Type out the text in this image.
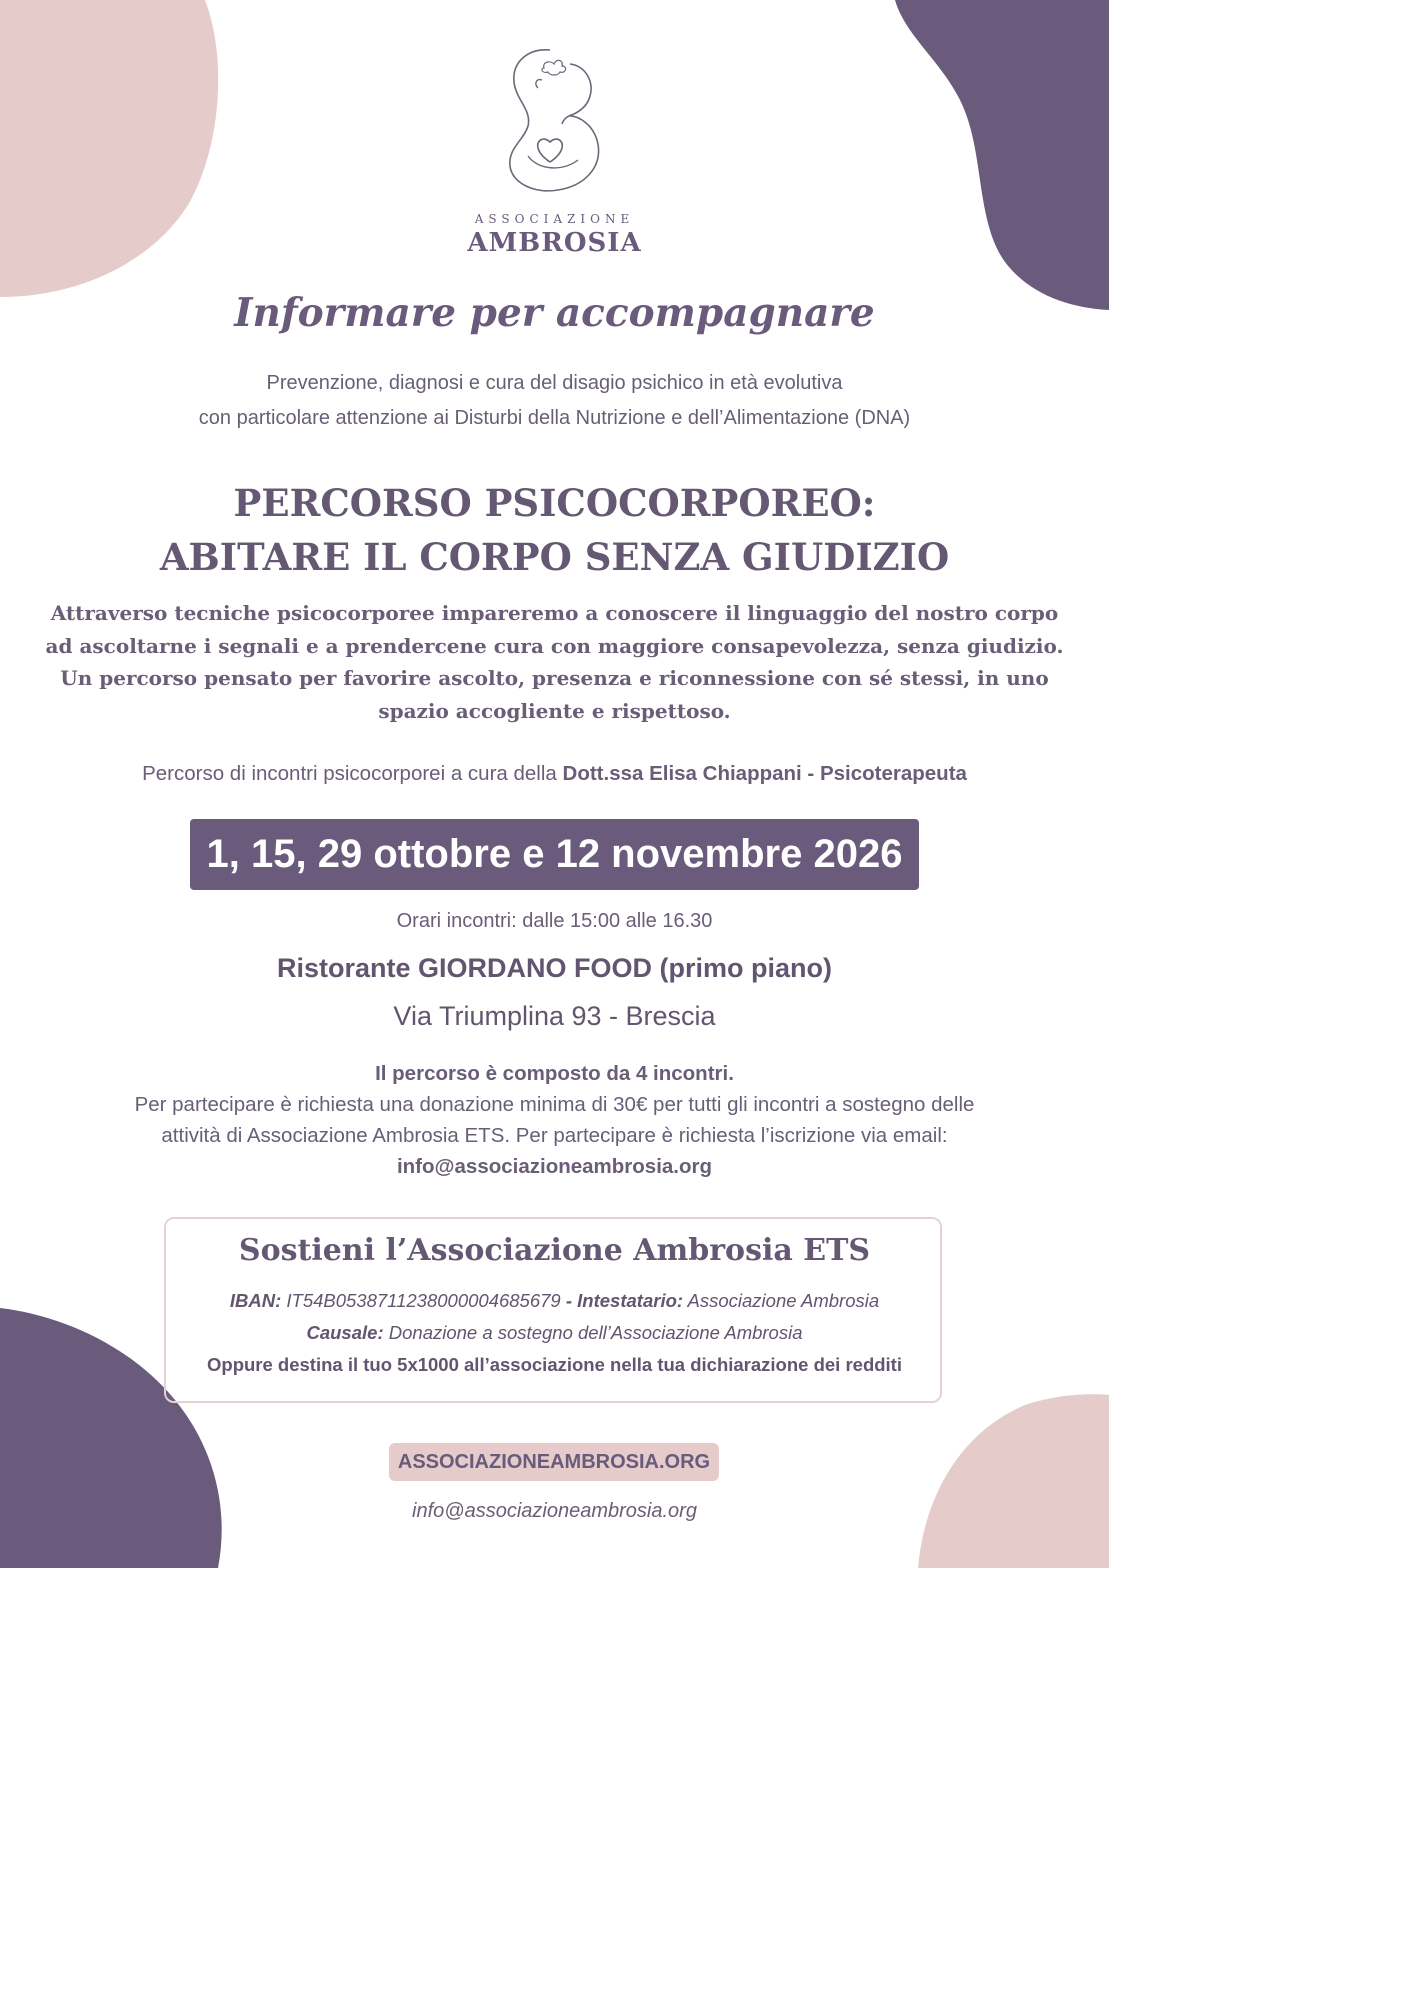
ASSOCIAZIONE
AMBROSIA
Informare per accompagnare
Prevenzione, diagnosi e cura del disagio psichico in età evolutiva
con particolare attenzione ai Disturbi della Nutrizione e dell’Alimentazione (DNA)
PERCORSO PSICOCORPOREO:
ABITARE IL CORPO SENZA GIUDIZIO
Attraverso tecniche psicocorporee impareremo a conoscere il linguaggio del nostro corpo
ad ascoltarne i segnali e a prendercene cura con maggiore consapevolezza, senza giudizio.
Un percorso pensato per favorire ascolto, presenza e riconnessione con sé stessi, in uno
spazio accogliente e rispettoso.
Percorso di incontri psicocorporei a cura della Dott.ssa Elisa Chiappani - Psicoterapeuta
1, 15, 29 ottobre e 12 novembre 2026
Orari incontri: dalle 15:00 alle 16.30
Ristorante GIORDANO FOOD (primo piano)
Via Triumplina 93 - Brescia
Il percorso è composto da 4 incontri.
Per partecipare è richiesta una donazione minima di 30€ per tutti gli incontri a sostegno delle
attività di Associazione Ambrosia ETS. Per partecipare è richiesta l’iscrizione via email:
info@associazioneambrosia.org
Sostieni l’Associazione Ambrosia ETS
IBAN: IT54B0538711238000004685679 - Intestatario: Associazione Ambrosia
Causale: Donazione a sostegno dell’Associazione Ambrosia
Oppure destina il tuo 5x1000 all’associazione nella tua dichiarazione dei redditi
ASSOCIAZIONEAMBROSIA.ORG
info@associazioneambrosia.org
